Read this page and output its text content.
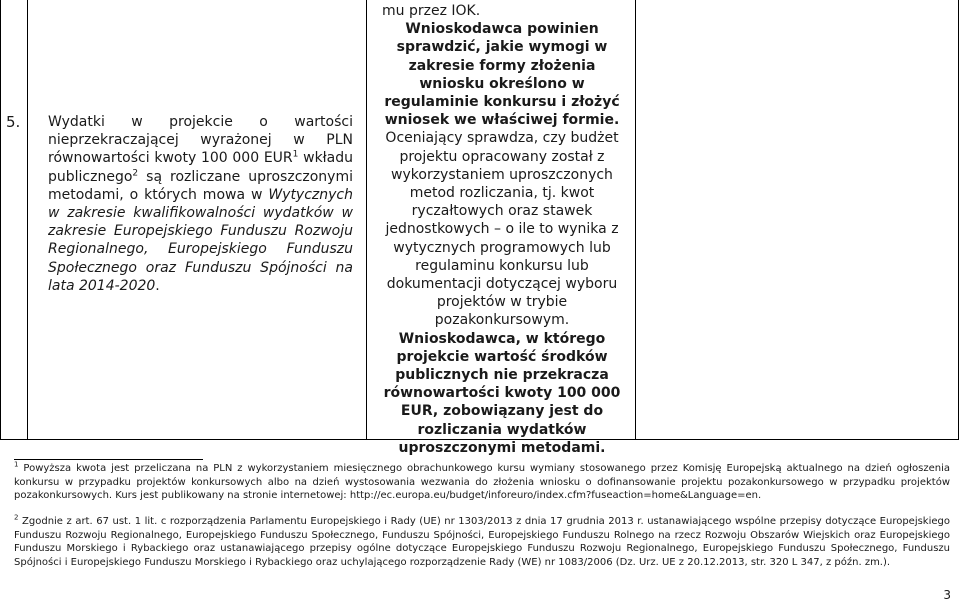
5. Wydatki w projekcie o wartości nieprzekraczającej wyrażonej w PLN równowartości kwoty 100 000 EUR$^1$ wkładu publicznego$^2$ są rozliczane uproszczonymi metodami, o których mowa w Wytycznych w zakresie kwalifikowalności wydatków w zakresie Europejskiego Funduszu Rozwoju Regionalnego, Europejskiego Funduszu Społecznego oraz Funduszu Spójności na lata 2014-2020.
mu przez IOK.
Wnioskodawca powinien sprawdzić, jakie wymogi w zakresie formy złożenia wniosku określono w regulaminie konkursu i złożyć wniosek we właściwej formie.
Oceniający sprawdza, czy budżet projektu opracowany został z wykorzystaniem uproszczonych metod rozliczania, tj. kwot ryczałtowych oraz stawek jednostkowych – o ile to wynika z wytycznych programowych lub regulaminu konkursu lub dokumentacji dotyczącej wyboru projektów w trybie pozakonkursowym.
Wnioskodawca, w którego projekcie wartość środków publicznych nie przekracza równowartości kwoty 100 000 EUR, zobowiązany jest do rozliczania wydatków uproszczonymi metodami.
$^1$ Powyższa kwota jest przeliczana na PLN z wykorzystaniem miesięcznego obrachunkowego kursu wymiany stosowanego przez Komisję Europejską aktualnego na dzień ogłoszenia konkursu w przypadku projektów konkursowych albo na dzień wystosowania wezwania do złożenia wniosku o dofinansowanie projektu pozakonkursowego w przypadku projektów pozakonkursowych. Kurs jest publikowany na stronie internetowej: http://ec.europa.eu/budget/inforeuro/index.cfm?fuseaction=home&Language=en.
$^2$ Zgodnie z art. 67 ust. 1 lit. c rozporządzenia Parlamentu Europejskiego i Rady (UE) nr 1303/2013 z dnia 17 grudnia 2013 r. ustanawiającego wspólne przepisy dotyczące Europejskiego Funduszu Rozwoju Regionalnego, Europejskiego Funduszu Społecznego, Funduszu Spójności, Europejskiego Funduszu Rolnego na rzecz Rozwoju Obszarów Wiejskich oraz Europejskiego Funduszu Morskiego i Rybackiego oraz ustanawiającego przepisy ogólne dotyczące Europejskiego Funduszu Rozwoju Regionalnego, Europejskiego Funduszu Społecznego, Funduszu Spójności i Europejskiego Funduszu Morskiego i Rybackiego oraz uchylającego rozporządzenie Rady (WE) nr 1083/2006 (Dz. Urz. UE z 20.12.2013, str. 320 L 347, z późn. zm.).
3
